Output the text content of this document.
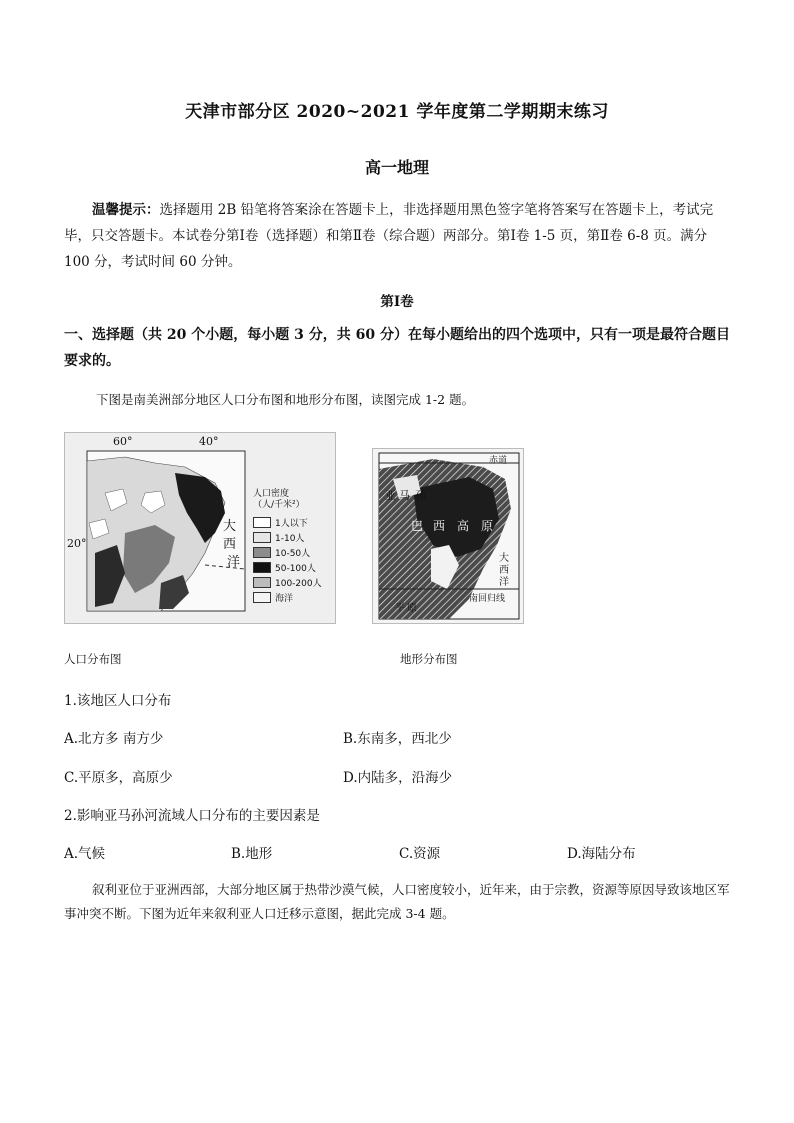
天津市部分区 2020~2021 学年度第二学期期末练习
高一地理
温馨提示：选择题用 2B 铅笔将答案涂在答题卡上，非选择题用黑色签字笔将答案写在答题卡上，考试完毕，只交答题卡。本试卷分第Ⅰ卷（选择题）和第Ⅱ卷（综合题）两部分。第Ⅰ卷 1-5 页，第Ⅱ卷 6-8 页。满分 100 分，考试时间 60 分钟。
第Ⅰ卷
一、选择题（共 20 个小题，每小题 3 分，共 60 分）在每小题给出的四个选项中，只有一项是最符合题目要求的。
下图是南美洲部分地区人口分布图和地形分布图，读图完成 1-2 题。
60°	40°
20°
大
西
洋
人口密度
（人/千米²）
1人以下
1-10人
10-50人
50-100人
100-200人
海洋
人口分布图
赤道
亚 马 孙
巴 西 高 原
平 原
大
西
洋
南回归线
地形分布图
1.该地区人口分布
A.北方多 南方少	B.东南多，西北少
C.平原多，高原少	D.内陆多，沿海少
2.影响亚马孙河流域人口分布的主要因素是
A.气候	B.地形	C.资源	D.海陆分布
叙利亚位于亚洲西部，大部分地区属于热带沙漠气候，人口密度较小，近年来，由于宗教，资源等原因导致该地区军事冲突不断。下图为近年来叙利亚人口迁移示意图，据此完成 3-4 题。
